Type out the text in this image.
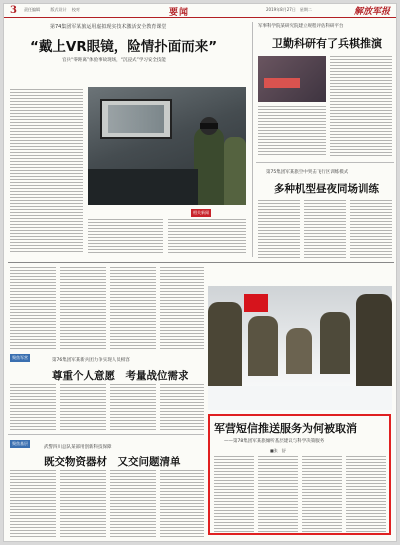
3 责任编辑 　　 版式设计　 校对	要闻	2019年8月27日　星期二	解放军报
第74集团军某旅运用虚拟现实技术激活安全教育课堂
“戴上VR眼镜，险情扑面而来”
官兵“零距离”体验事故现场，“沉浸式”学习安全技能
相关新闻
军事科学院某研究院建立规程评估科研平台
卫勤科研有了兵棋推演
第75集团军某旅空中突击飞行区训练模式
多种机型昼夜同场训练
聚焦军营
第76集团军某新兵团力争实现人员相容
尊重个人意愿　考量战位需求
聚焦基层
武警四川总队某部用创新科技保障
既交物资器材　又交问题清单
军营短信推送服务为何被取消
——第78集团军某旅倾听基层建议与科学决策服务
■张　舒
